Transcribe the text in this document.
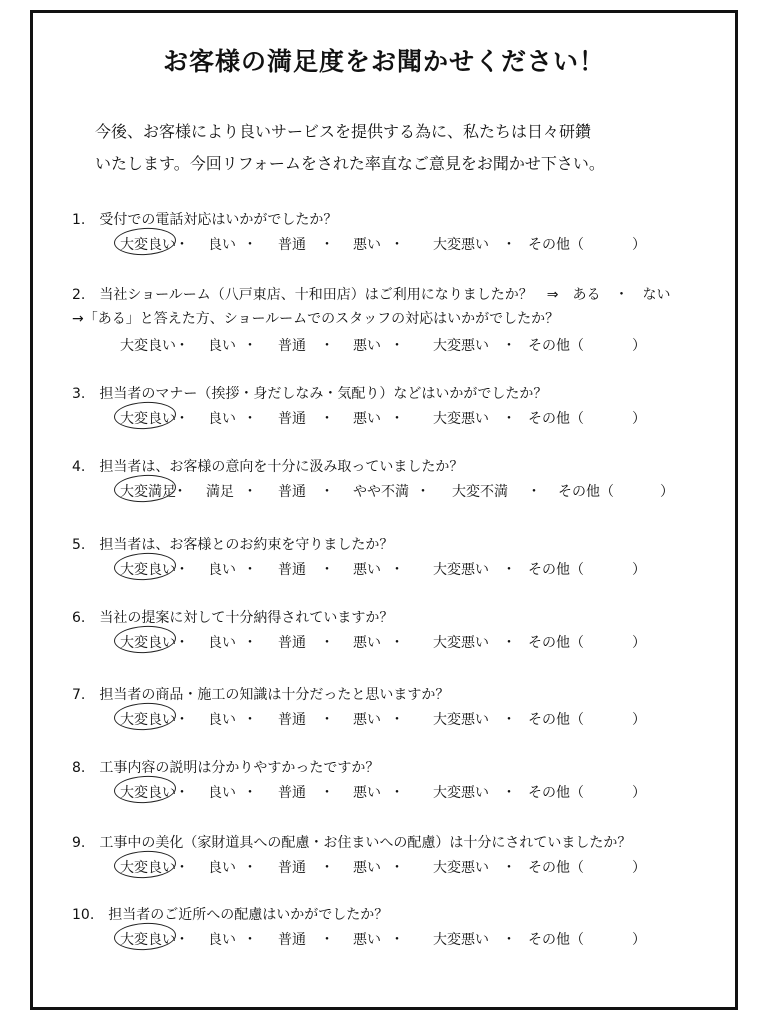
お客様の満足度をお聞かせください！
今後、お客様により良いサービスを提供する為に、私たちは日々研鑽
いたします。今回リフォームをされた率直なご意見をお聞かせ下さい。
1.　受付での電話対応はいかがでしたか？
大変良い ・ 良い ・ 普通 ・ 悪い ・ 大変悪い ・ その他（	）
2.　当社ショールーム（八戸東店、十和田店）はご利用になりましたか？　⇒　ある　・　ない
→「ある」と答えた方、ショールームでのスタッフの対応はいかがでしたか？
大変良い ・ 良い ・ 普通 ・ 悪い ・ 大変悪い ・ その他（	）
3.　担当者のマナー（挨拶・身だしなみ・気配り）などはいかがでしたか？
大変良い ・ 良い ・ 普通 ・ 悪い ・ 大変悪い ・ その他（	）
4.　担当者は、お客様の意向を十分に汲み取っていましたか？
大変満足
・ 満足 ・ 普通 ・ やや不満 ・ 大変不満 ・ その他（	）
5.　担当者は、お客様とのお約束を守りましたか？
大変良い ・ 良い ・ 普通 ・ 悪い ・ 大変悪い ・ その他（	）
6.　当社の提案に対して十分納得されていますか？
大変良い ・ 良い ・ 普通 ・ 悪い ・ 大変悪い ・ その他（	）
7.　担当者の商品・施工の知識は十分だったと思いますか？
大変良い ・ 良い ・ 普通 ・ 悪い ・ 大変悪い ・ その他（	）
8.　工事内容の説明は分かりやすかったですか？
大変良い ・ 良い ・ 普通 ・ 悪い ・ 大変悪い ・ その他（	）
9.　工事中の美化（家財道具への配慮・お住まいへの配慮）は十分にされていましたか？
大変良い ・ 良い ・ 普通 ・ 悪い ・ 大変悪い ・ その他（	）
10.　担当者のご近所への配慮はいかがでしたか？
大変良い ・ 良い ・ 普通 ・ 悪い ・ 大変悪い ・ その他（	）
